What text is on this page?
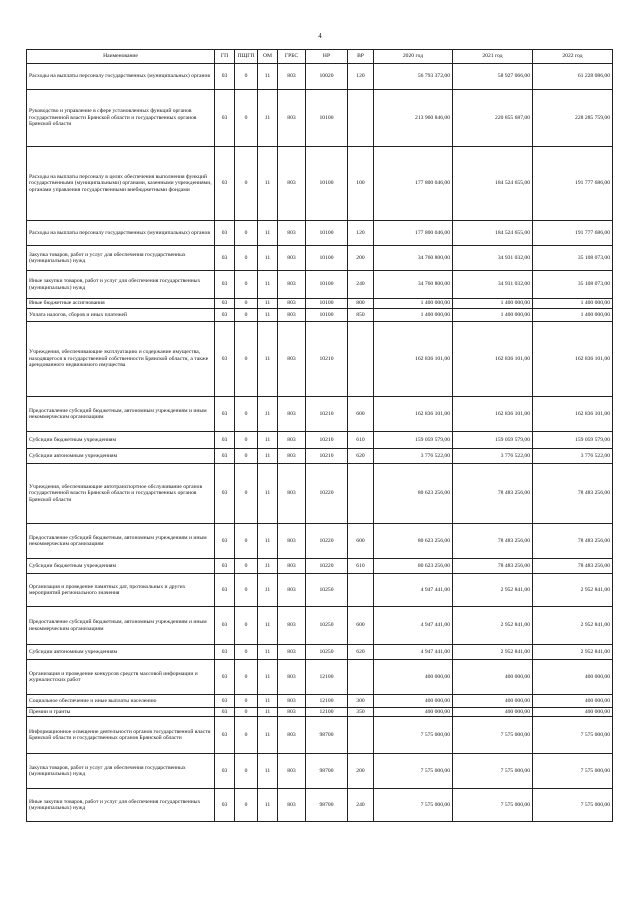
4
Наименование	ГП	ПЩГП	ОМ	ГРБС	НР	ВР	2020 год	2021 год	2022 год
Расходы на выплаты персоналу государственных (муниципальных) органов	03	0	11	803	10020	120	56 793 372,00	58 927 066,00	61 228 086,00
Руководство и управление в сфере установленных функций органов государственной власти Брянской области и государственных органов Брянской области	03	0	11	803	10100		213 960 846,00	220 855 687,00	228 285 759,00
Расходы на выплаты персоналу в целях обеспечения выполнения функций государственными (муниципальными) органами, казенными учреждениями, органами управления государственными внебюджетными фондами	03	0	11	803	10100	100	177 800 046,00	184 524 655,00	191 777 686,00
Расходы на выплаты персоналу государственных (муниципальных) органов	03	0	11	803	10100	120	177 800 046,00	184 524 655,00	191 777 686,00
Закупка товаров, работ и услуг для обеспечения государственных (муниципальных) нужд	03	0	11	803	10100	200	34 760 800,00	34 931 032,00	35 108 073,00
Иные закупки товаров, работ и услуг для обеспечения государственных (муниципальных) нужд	03	0	11	803	10100	240	34 760 800,00	34 931 032,00	35 108 073,00
Иные бюджетные ассигнования	03	0	11	803	10100	800	1 400 000,00	1 400 000,00	1 400 000,00
Уплата налогов, сборов и иных платежей	03	0	11	803	10100	850	1 400 000,00	1 400 000,00	1 400 000,00
Учреждения, обеспечивающие эксплуатацию и содержание имущества, находящегося в государственной собственности Брянской области, а также арендованного недвижимого имущества	03	0	11	803	10210		162 836 101,00	162 836 101,00	162 836 101,00
Предоставление субсидий бюджетным, автономным учреждениям и иным некоммерческим организациям	03	0	11	803	10210	600	162 836 101,00	162 836 101,00	162 836 101,00
Субсидии бюджетным учреждениям	03	0	11	803	10210	610	159 059 579,00	159 059 579,00	159 059 579,00
Субсидии автономным учреждениям	03	0	11	803	10210	620	3 776 522,00	3 776 522,00	3 776 522,00
Учреждения, обеспечивающие автотранспортное обслуживание органов государственной власти Брянской области и государственных органов Брянской области	03	0	11	803	10220		80 623 256,00	78 483 256,00	78 483 256,00
Предоставление субсидий бюджетным, автономным учреждениям и иным некоммерческим организациям	03	0	11	803	10220	600	80 623 256,00	78 483 256,00	78 483 256,00
Субсидии бюджетным учреждениям	03	0	11	803	10220	610	80 623 256,00	78 483 256,00	78 483 256,00
Организация и проведение памятных дат, протокольных и других мероприятий регионального значения	03	0	11	803	10250		4 947 441,00	2 952 841,00	2 952 841,00
Предоставление субсидий бюджетным, автономным учреждениям и иным некоммерческим организациям	03	0	11	803	10250	600	4 947 441,00	2 952 841,00	2 952 841,00
Субсидии автономным учреждениям	03	0	11	803	10250	620	4 947 441,00	2 952 841,00	2 952 841,00
Организация и проведение конкурсов средств массовой информации и журналистских работ	03	0	11	803	12100		400 000,00	400 000,00	400 000,00
Социальное обеспечение и иные выплаты населению	03	0	11	803	12100	300	400 000,00	400 000,00	400 000,00
Премии и гранты	03	0	11	803	12100	350	400 000,00	400 000,00	400 000,00
Информационное освещение деятельности органов государственной власти Брянской области и государственных органов Брянской области	03	0	11	803	98700		7 575 000,00	7 575 000,00	7 575 000,00
Закупка товаров, работ и услуг для обеспечения государственных (муниципальных) нужд	03	0	11	803	98700	200	7 575 000,00	7 575 000,00	7 575 000,00
Иные закупки товаров, работ и услуг для обеспечения государственных (муниципальных) нужд	03	0	11	803	98700	240	7 575 000,00	7 575 000,00	7 575 000,00
